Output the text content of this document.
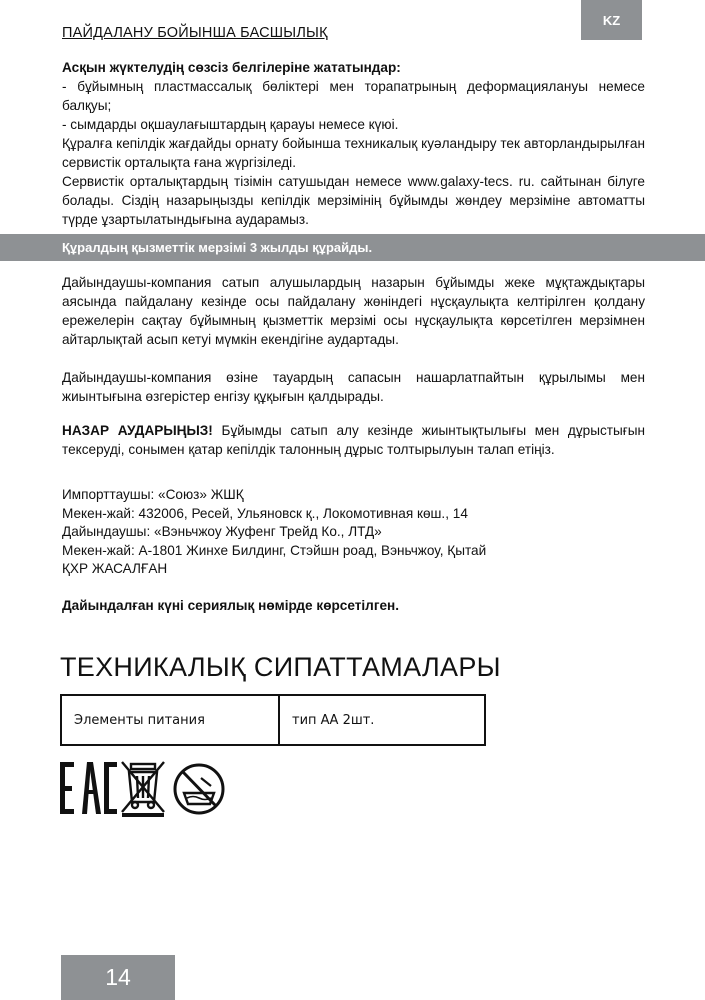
KZ
ПАЙДАЛАНУ БОЙЫНША БАСШЫЛЫҚ
Асқын жүктелудің сөзсіз белгілеріне жататындар:
- бұйымның пластмассалық бөліктері мен торапатрының деформациялануы немесе балқуы;
- сымдарды оқшаулағыштардың қарауы немесе күюі.
Құралға кепілдік жағдайды орнату бойынша техникалық куәландыру тек авторландырылған сервистік орталықта ғана жүргізіледі.
Сервистік орталықтардың тізімін сатушыдан немесе www.galaxy-tecs. ru. сайтынан білуге болады. Сіздің назарыңызды кепілдік мерзімінің бұйымды жөндеу мерзіміне автоматты түрде ұзартылатындығына аударамыз.
Құралдың қызметтік мерзімі 3 жылды құрайды.
Дайындаушы-компания сатып алушылардың назарын бұйымды жеке мұқтаждықтары аясында пайдалану кезінде осы пайдалану жөніндегі нұсқаулықта келтірілген қолдану ережелерін сақтау бұйымның қызметтік мерзімі осы нұсқаулықта көрсетілген мерзімнен айтарлықтай асып кетуі мүмкін екендігіне аудартады.
Дайындаушы-компания өзіне тауардың сапасын нашарлатпайтын құрылымы мен жиынтығына өзгерістер енгізу құқығын қалдырады.
НАЗАР АУДАРЫҢЫЗ! Бұйымды сатып алу кезінде жиынтықтылығы мен дұрыстығын тексеруді, сонымен қатар кепілдік талонның дұрыс толтырылуын талап етіңіз.
Импорттаушы: «Союз» ЖШҚ
Мекен-жай: 432006, Ресей, Ульяновск қ., Локомотивная көш., 14
Дайындаушы: «Вэньчжоу Жуфенг Трейд Ко., ЛТД»
Мекен-жай: А-1801 Жинхе Билдинг, Стэйшн роад, Вэньчжоу, Қытай
ҚХР ЖАСАЛҒАН
Дайындалған күні сериялық нөмірде көрсетілген.
ТЕХНИКАЛЫҚ СИПАТТАМАЛАРЫ
Элементы питания	тип АА 2шт.
14
